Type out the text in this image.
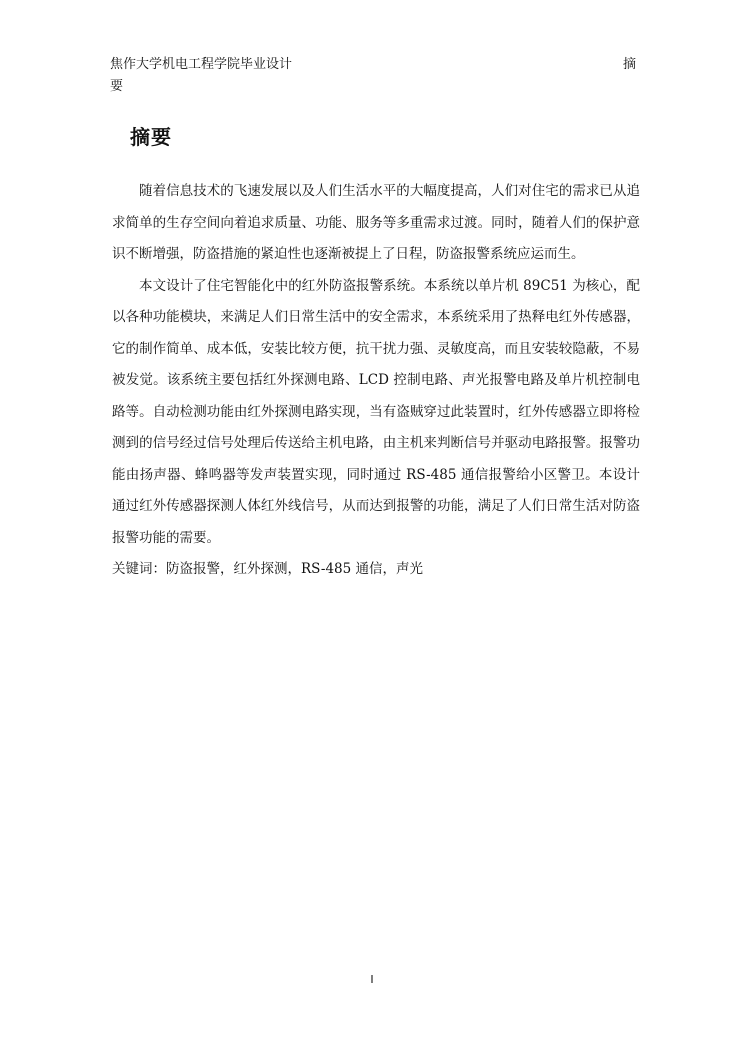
焦作大学机电工程学院毕业设计	摘
要
摘要

随着信息技术的飞速发展以及人们生活水平的大幅度提高，人们对住宅的需求已从追求简单的生存空间向着追求质量、功能、服务等多重需求过渡。同时，随着人们的保护意识不断增强，防盗措施的紧迫性也逐渐被提上了日程，防盗报警系统应运而生。

本文设计了住宅智能化中的红外防盗报警系统。本系统以单片机 89C51 为核心，配以各种功能模块，来满足人们日常生活中的安全需求，本系统采用了热释电红外传感器，它的制作简单、成本低，安装比较方便，抗干扰力强、灵敏度高，而且安装较隐蔽，不易被发觉。该系统主要包括红外探测电路、LCD 控制电路、声光报警电路及单片机控制电路等。自动检测功能由红外探测电路实现，当有盗贼穿过此装置时，红外传感器立即将检测到的信号经过信号处理后传送给主机电路，由主机来判断信号并驱动电路报警。报警功能由扬声器、蜂鸣器等发声装置实现，同时通过 RS-485 通信报警给小区警卫。本设计通过红外传感器探测人体红外线信号，从而达到报警的功能，满足了人们日常生活对防盗报警功能的需要。

关键词：防盗报警，红外探测，RS-485 通信，声光

I
